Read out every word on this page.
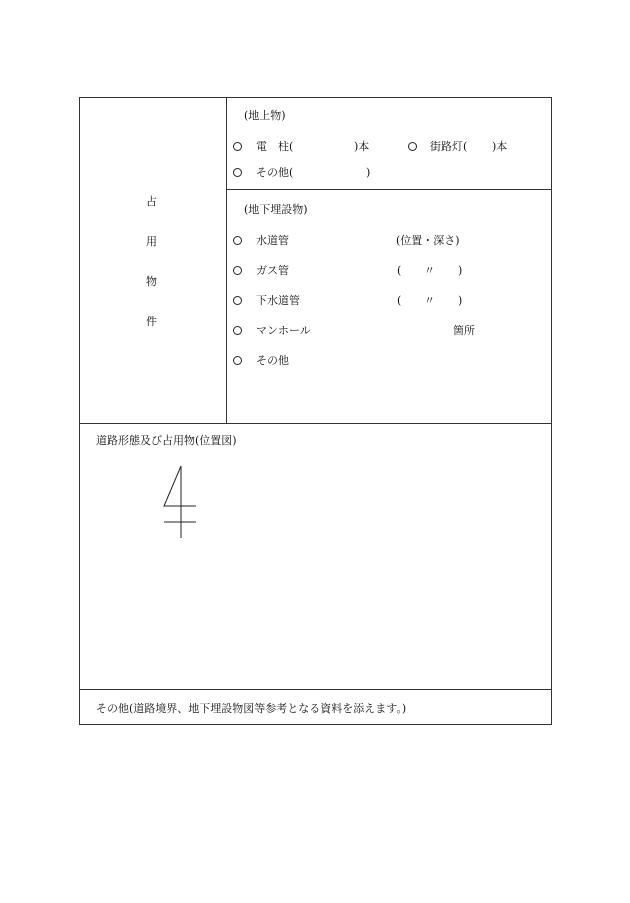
占
用
物
件
(地上物)
電　柱(	)本	街路灯( )本
その他(	)
(地下埋設物)
水道管	(位置・深さ)
ガス管	( 〃 )
下水道管	( 〃 )
マンホール	箇所
その他
道路形態及び占用物(位置図)
その他(道路境界、地下埋設物図等参考となる資料を添えます。)
